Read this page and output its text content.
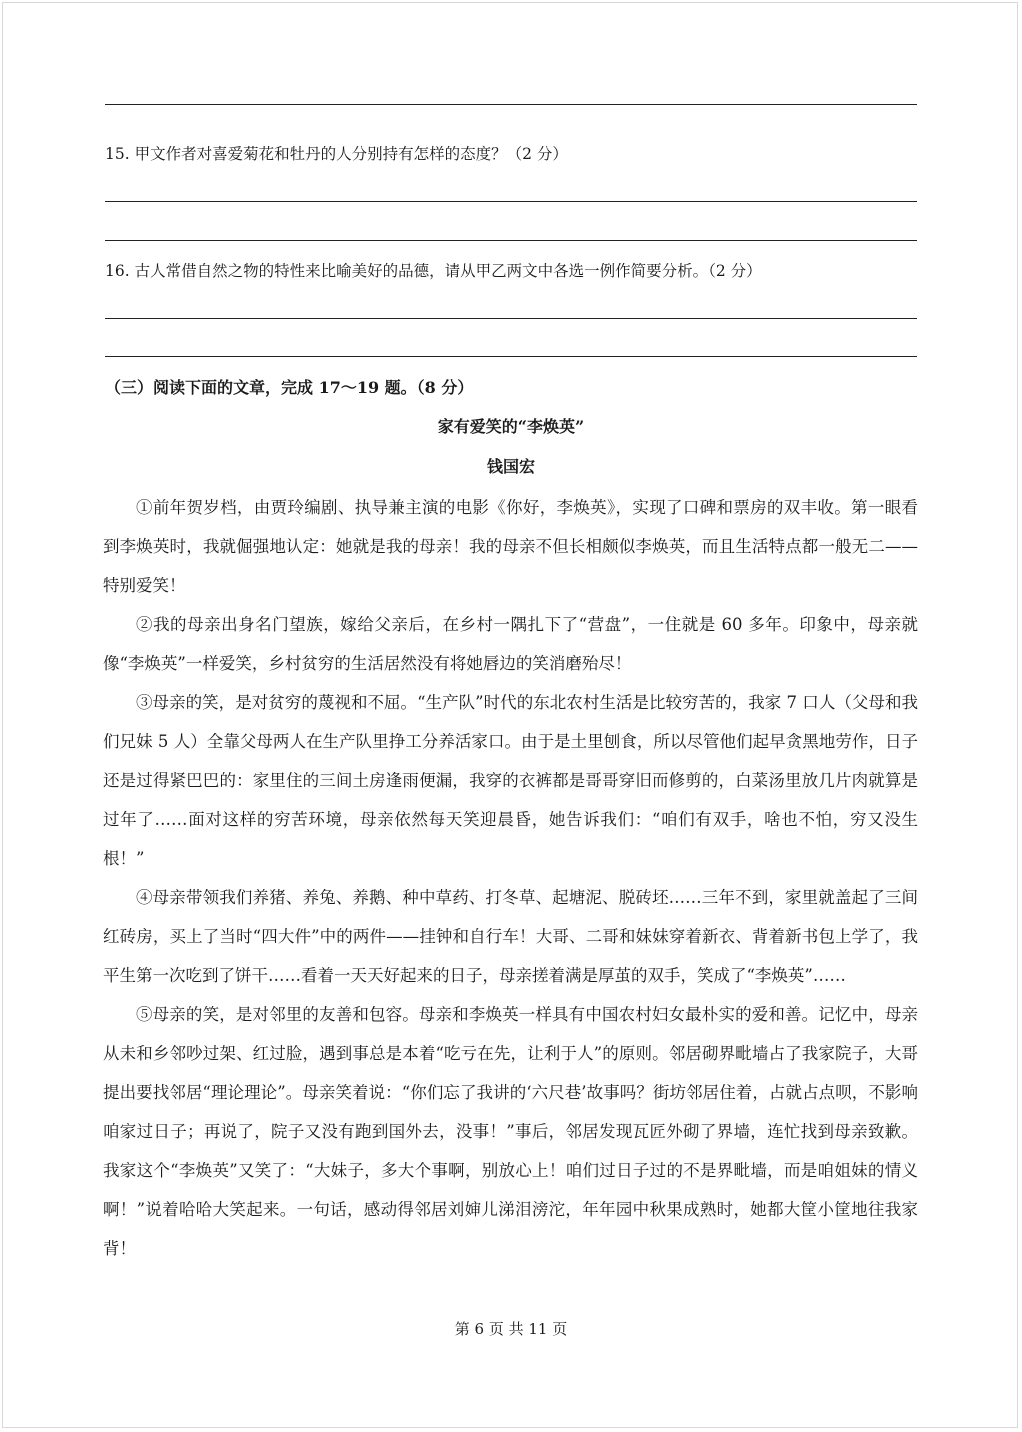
15. 甲文作者对喜爱菊花和牡丹的人分别持有怎样的态度？（2 分）
16. 古人常借自然之物的特性来比喻美好的品德，请从甲乙两文中各选一例作简要分析。（2 分）
（三）阅读下面的文章，完成 17～19 题。（8 分）
家有爱笑的“李焕英”
钱国宏

①前年贺岁档，由贾玲编剧、执导兼主演的电影《你好，李焕英》，实现了口碑和票房的双丰收。第一眼看到李焕英时，我就倔强地认定：她就是我的母亲！我的母亲不但长相颇似李焕英，而且生活特点都一般无二——特别爱笑！

②我的母亲出身名门望族，嫁给父亲后，在乡村一隅扎下了“营盘”，一住就是 60 多年。印象中，母亲就像“李焕英”一样爱笑，乡村贫穷的生活居然没有将她唇边的笑消磨殆尽！

③母亲的笑，是对贫穷的蔑视和不屈。“生产队”时代的东北农村生活是比较穷苦的，我家 7 口人（父母和我们兄妹 5 人）全靠父母两人在生产队里挣工分养活家口。由于是土里刨食，所以尽管他们起早贪黑地劳作，日子还是过得紧巴巴的：家里住的三间土房逢雨便漏，我穿的衣裤都是哥哥穿旧而修剪的，白菜汤里放几片肉就算是过年了……面对这样的穷苦环境，母亲依然每天笑迎晨昏，她告诉我们：“咱们有双手，啥也不怕，穷又没生根！”

④母亲带领我们养猪、养兔、养鹅、种中草药、打冬草、起塘泥、脱砖坯……三年不到，家里就盖起了三间红砖房，买上了当时“四大件”中的两件——挂钟和自行车！大哥、二哥和妹妹穿着新衣、背着新书包上学了，我平生第一次吃到了饼干……看着一天天好起来的日子，母亲搓着满是厚茧的双手，笑成了“李焕英”……

⑤母亲的笑，是对邻里的友善和包容。母亲和李焕英一样具有中国农村妇女最朴实的爱和善。记忆中，母亲从未和乡邻吵过架、红过脸，遇到事总是本着“吃亏在先，让利于人”的原则。邻居砌界毗墙占了我家院子，大哥提出要找邻居“理论理论”。母亲笑着说：“你们忘了我讲的‘六尺巷’故事吗？街坊邻居住着，占就占点呗，不影响咱家过日子；再说了，院子又没有跑到国外去，没事！”事后，邻居发现瓦匠外砌了界墙，连忙找到母亲致歉。我家这个“李焕英”又笑了：“大妹子，多大个事啊，别放心上！咱们过日子过的不是界毗墙，而是咱姐妹的情义啊！”说着哈哈大笑起来。一句话，感动得邻居刘婶儿涕泪滂沱，年年园中秋果成熟时，她都大筐小筐地往我家背！

第 6 页 共 11 页
